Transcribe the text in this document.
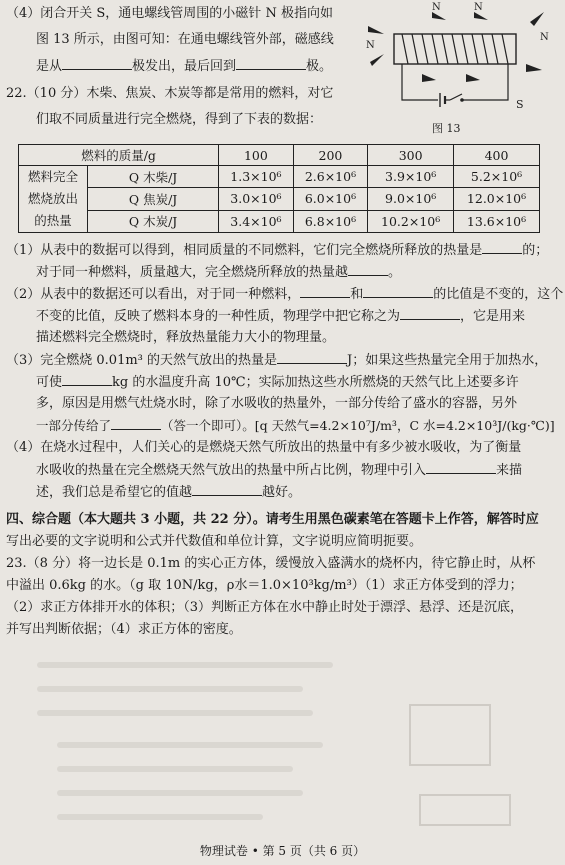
（4）闭合开关 S，通电螺线管周围的小磁针 N 极指向如
图 13 所示，由图可知：在通电螺线管外部，磁感线
是从	极发出，最后回到	极。
N	N
N
N
S
图 13
22.（10 分）木柴、焦炭、木炭等都是常用的燃料，对它
们取不同质量进行完全燃烧，得到了下表的数据：
燃料的质量/g		100	200	300	400
燃料完全
燃烧放出
的热量	Q 木柴/J	1.3×10⁶	2.6×10⁶	3.9×10⁶	5.2×10⁶
	Q 焦炭/J	3.0×10⁶	6.0×10⁶	9.0×10⁶	12.0×10⁶
	Q 木炭/J	3.4×10⁶	6.8×10⁶	10.2×10⁶	13.6×10⁶
（1）从表中的数据可以得到，相同质量的不同燃料，它们完全燃烧所释放的热量是	的；
对于同一种燃料，质量越大，完全燃烧所释放的热量越	。
（2）从表中的数据还可以看出，对于同一种燃料，	和	的比值是不变的，这个
不变的比值，反映了燃料本身的一种性质，物理学中把它称之为	，它是用来
描述燃料完全燃烧时，释放热量能力大小的物理量。
（3）完全燃烧 0.01m³ 的天然气放出的热量是	J；如果这些热量完全用于加热水，
可使	kg 的水温度升高 10℃；实际加热这些水所燃烧的天然气比上述要多许
多，原因是用燃气灶烧水时，除了水吸收的热量外，一部分传给了盛水的容器，另外
一部分传给了	（答一个即可）。[q 天然气=4.2×10⁷J/m³，C 水=4.2×10³J/(kg·℃)]
（4）在烧水过程中，人们关心的是燃烧天然气所放出的热量中有多少被水吸收，为了衡量
水吸收的热量在完全燃烧天然气放出的热量中所占比例，物理中引入	来描
述，我们总是希望它的值越	越好。
四、综合题（本大题共 3 小题，共 22 分）。请考生用黑色碳素笔在答题卡上作答，解答时应
写出必要的文字说明和公式并代数值和单位计算，文字说明应简明扼要。
23.（8 分）将一边长是 0.1m 的实心正方体，缓慢放入盛满水的烧杯内，待它静止时，从杯
中溢出 0.6kg 的水。（g 取 10N/kg，ρ水＝1.0×10³kg/m³）（1）求正方体受到的浮力；
（2）求正方体排开水的体积；（3）判断正方体在水中静止时处于漂浮、悬浮、还是沉底，
并写出判断依据；（4）求正方体的密度。
物理试卷 • 第 5 页（共 6 页）
